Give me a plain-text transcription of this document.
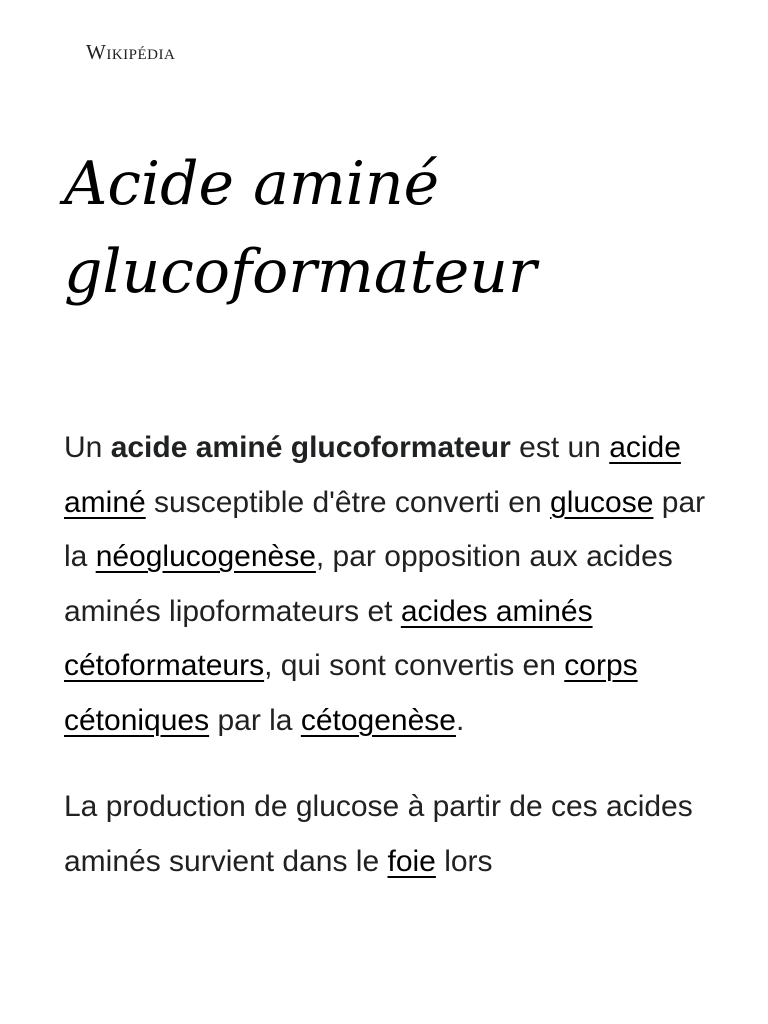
Wikipédia
Acide aminé glucoformateur

Un acide aminé glucoformateur est un acide aminé susceptible d'être converti en glucose par la néoglucogenèse, par opposition aux acides aminés lipoformateurs et acides aminés cétoformateurs, qui sont convertis en corps cétoniques par la cétogenèse.

La production de glucose à partir de ces acides aminés survient dans le foie lors
